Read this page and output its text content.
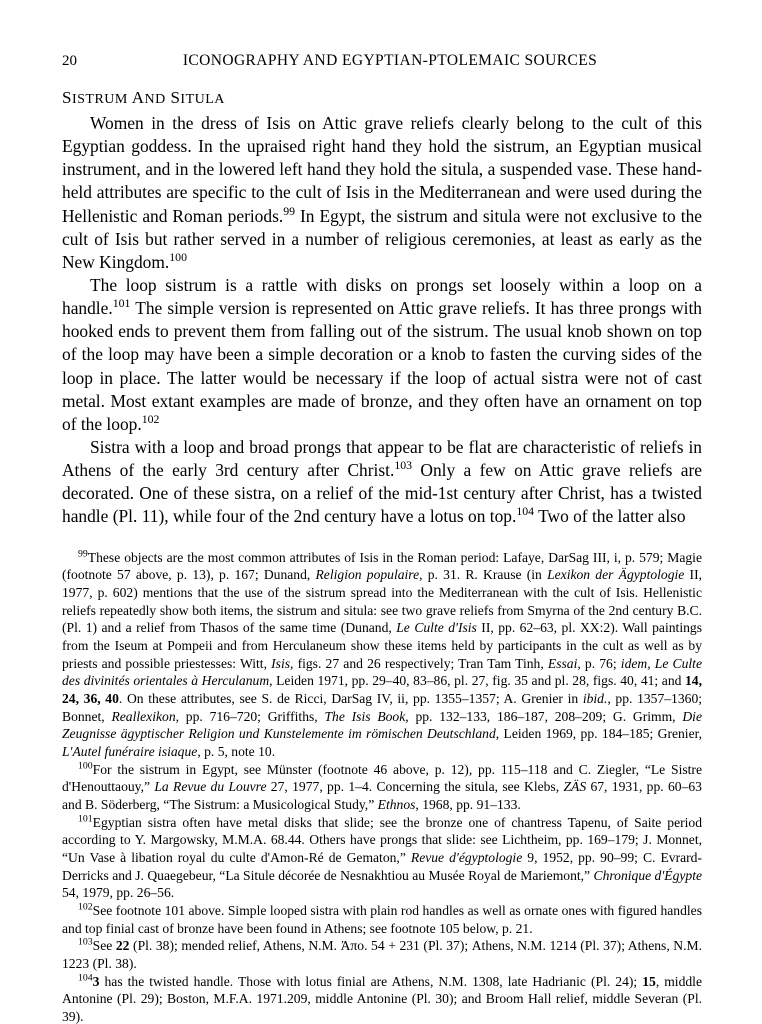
20	ICONOGRAPHY AND EGYPTIAN-PTOLEMAIC SOURCES
SISTRUM AND SITULA

Women in the dress of Isis on Attic grave reliefs clearly belong to the cult of this Egyptian goddess. In the upraised right hand they hold the sistrum, an Egyptian musical instrument, and in the lowered left hand they hold the situla, a suspended vase. These hand-held attributes are specific to the cult of Isis in the Mediterranean and were used during the Hellenistic and Roman periods.$^{99}$ In Egypt, the sistrum and situla were not exclusive to the cult of Isis but rather served in a number of religious ceremonies, at least as early as the New Kingdom.$^{100}$

The loop sistrum is a rattle with disks on prongs set loosely within a loop on a handle.$^{101}$ The simple version is represented on Attic grave reliefs. It has three prongs with hooked ends to prevent them from falling out of the sistrum. The usual knob shown on top of the loop may have been a simple decoration or a knob to fasten the curving sides of the loop in place. The latter would be necessary if the loop of actual sistra were not of cast metal. Most extant examples are made of bronze, and they often have an ornament on top of the loop.$^{102}$

Sistra with a loop and broad prongs that appear to be flat are characteristic of reliefs in Athens of the early 3rd century after Christ.$^{103}$ Only a few on Attic grave reliefs are decorated. One of these sistra, on a relief of the mid-1st century after Christ, has a twisted handle (Pl. 11), while four of the 2nd century have a lotus on top.$^{104}$ Two of the latter also

$^{99}$These objects are the most common attributes of Isis in the Roman period: Lafaye, DarSag III, i, p. 579; Magie (footnote 57 above, p. 13), p. 167; Dunand, Religion populaire, p. 31. R. Krause (in Lexikon der Ägyptologie II, 1977, p. 602) mentions that the use of the sistrum spread into the Mediterranean with the cult of Isis. Hellenistic reliefs repeatedly show both items, the sistrum and situla: see two grave reliefs from Smyrna of the 2nd century B.C. (Pl. 1) and a relief from Thasos of the same time (Dunand, Le Culte d'Isis II, pp. 62–63, pl. XX:2). Wall paintings from the Iseum at Pompeii and from Herculaneum show these items held by participants in the cult as well as by priests and possible priestesses: Witt, Isis, figs. 27 and 26 respectively; Tran Tam Tinh, Essai, p. 76; idem, Le Culte des divinités orientales à Herculanum, Leiden 1971, pp. 29–40, 83–86, pl. 27, fig. 35 and pl. 28, figs. 40, 41; and 14, 24, 36, 40. On these attributes, see S. de Ricci, DarSag IV, ii, pp. 1355–1357; A. Grenier in ibid., pp. 1357–1360; Bonnet, Reallexikon, pp. 716–720; Griffiths, The Isis Book, pp. 132–133, 186–187, 208–209; G. Grimm, Die Zeugnisse ägyptischer Religion und Kunstelemente im römischen Deutschland, Leiden 1969, pp. 184–185; Grenier, L'Autel funéraire isiaque, p. 5, note 10.

$^{100}$For the sistrum in Egypt, see Münster (footnote 46 above, p. 12), pp. 115–118 and C. Ziegler, “Le Sistre d'Henouttaouy,” La Revue du Louvre 27, 1977, pp. 1–4. Concerning the situla, see Klebs, ZÄS 67, 1931, pp. 60–63 and B. Söderberg, “The Sistrum: a Musicological Study,” Ethnos, 1968, pp. 91–133.

$^{101}$Egyptian sistra often have metal disks that slide; see the bronze one of chantress Tapenu, of Saite period according to Y. Margowsky, M.M.A. 68.44. Others have prongs that slide: see Lichtheim, pp. 169–179; J. Monnet, “Un Vase à libation royal du culte d'Amon-Ré de Gematon,” Revue d'égyptologie 9, 1952, pp. 90–99; C. Evrard-Derricks and J. Quaegebeur, “La Situle décorée de Nesnakhtiou au Musée Royal de Mariemont,” Chronique d'Égypte 54, 1979, pp. 26–56.

$^{102}$See footnote 101 above. Simple looped sistra with plain rod handles as well as ornate ones with figured handles and top finial cast of bronze have been found in Athens; see footnote 105 below, p. 21.

$^{103}$See 22 (Pl. 38); mended relief, Athens, N.M. Ἀπο. 54 + 231 (Pl. 37); Athens, N.M. 1214 (Pl. 37); Athens, N.M. 1223 (Pl. 38).

$^{104}$3 has the twisted handle. Those with lotus finial are Athens, N.M. 1308, late Hadrianic (Pl. 24); 15, middle Antonine (Pl. 29); Boston, M.F.A. 1971.209, middle Antonine (Pl. 30); and Broom Hall relief, middle Severan (Pl. 39).
